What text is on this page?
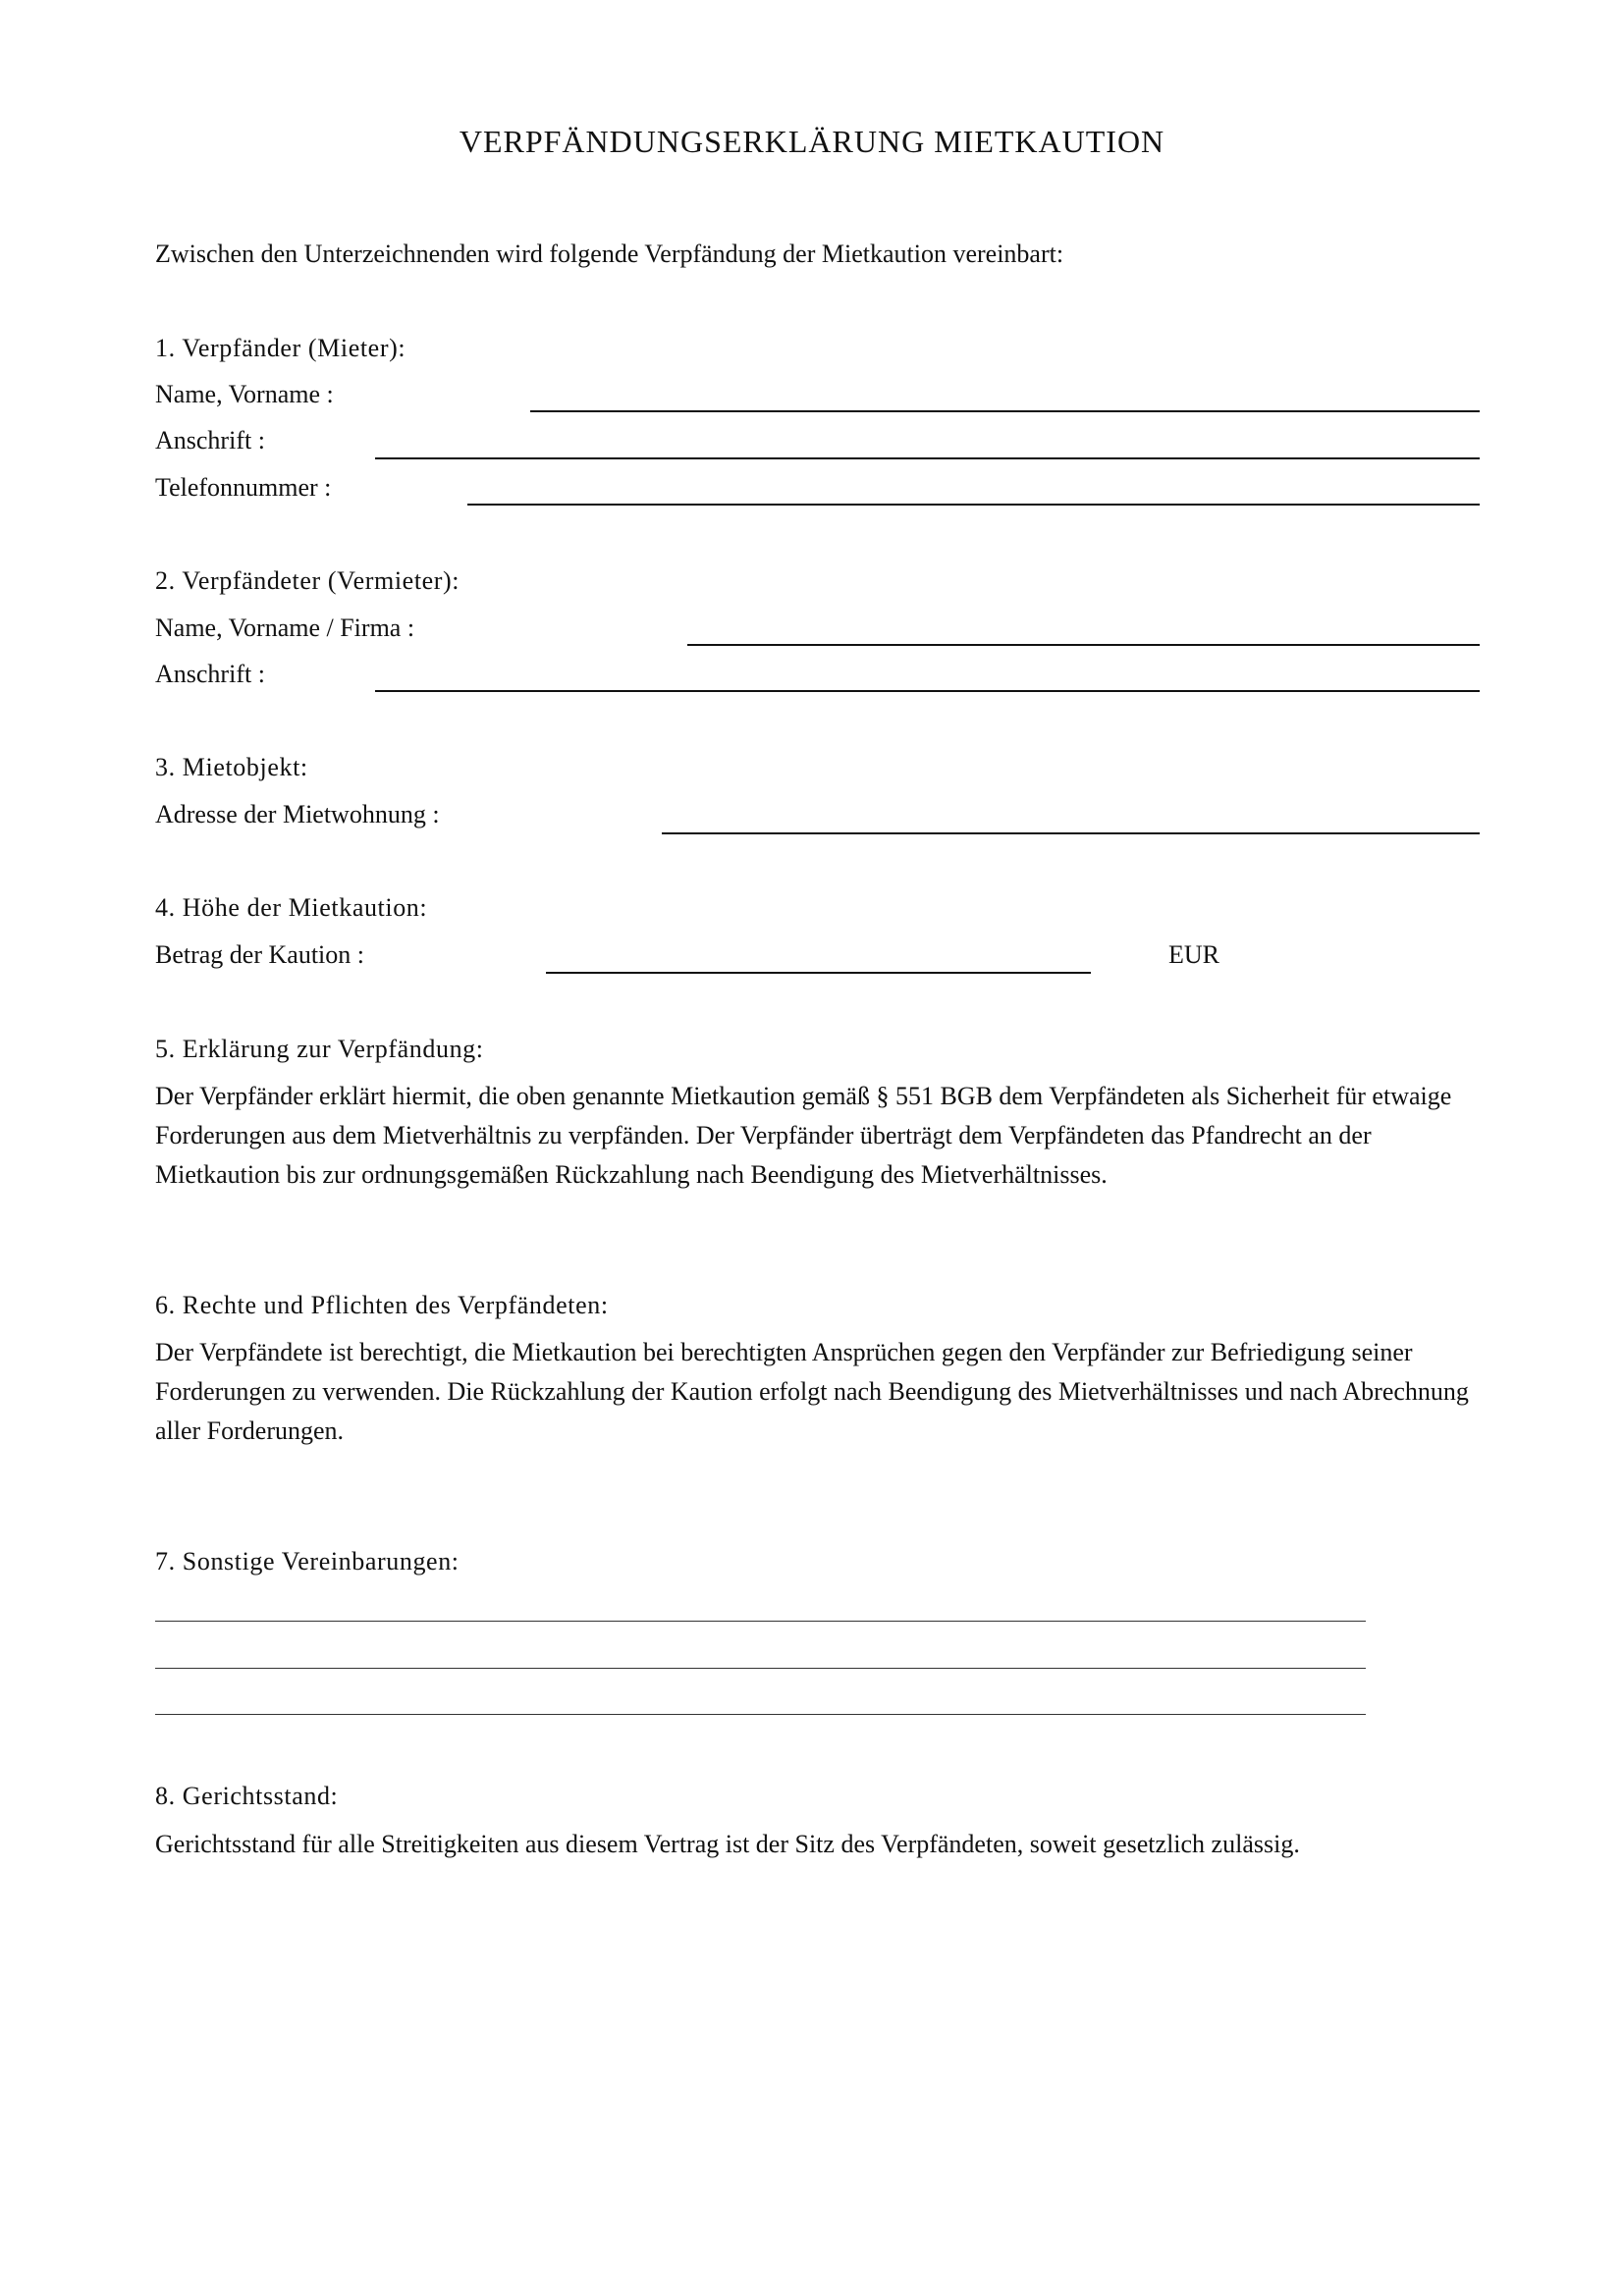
VERPFÄNDUNGSERKLÄRUNG MIETKAUTION
Zwischen den Unterzeichnenden wird folgende Verpfändung der Mietkaution vereinbart:
1. Verpfänder (Mieter):
Name, Vorname :
Anschrift :
Telefonnummer :
2. Verpfändeter (Vermieter):
Name, Vorname / Firma :
Anschrift :
3. Mietobjekt:
Adresse der Mietwohnung :
4. Höhe der Mietkaution:
Betrag der Kaution :	EUR
5. Erklärung zur Verpfändung:
Der Verpfänder erklärt hiermit, die oben genannte Mietkaution gemäß § 551 BGB dem Verpfändeten als Sicherheit für etwaige Forderungen aus dem Mietverhältnis zu verpfänden. Der Verpfänder überträgt dem Verpfändeten das Pfandrecht an der Mietkaution bis zur ordnungsgemäßen Rückzahlung nach Beendigung des Mietverhältnisses.
6. Rechte und Pflichten des Verpfändeten:
Der Verpfändete ist berechtigt, die Mietkaution bei berechtigten Ansprüchen gegen den Verpfänder zur Befriedigung seiner Forderungen zu verwenden. Die Rückzahlung der Kaution erfolgt nach Beendigung des Mietverhältnisses und nach Abrechnung aller Forderungen.
7. Sonstige Vereinbarungen:
8. Gerichtsstand:
Gerichtsstand für alle Streitigkeiten aus diesem Vertrag ist der Sitz des Verpfändeten, soweit gesetzlich zulässig.
